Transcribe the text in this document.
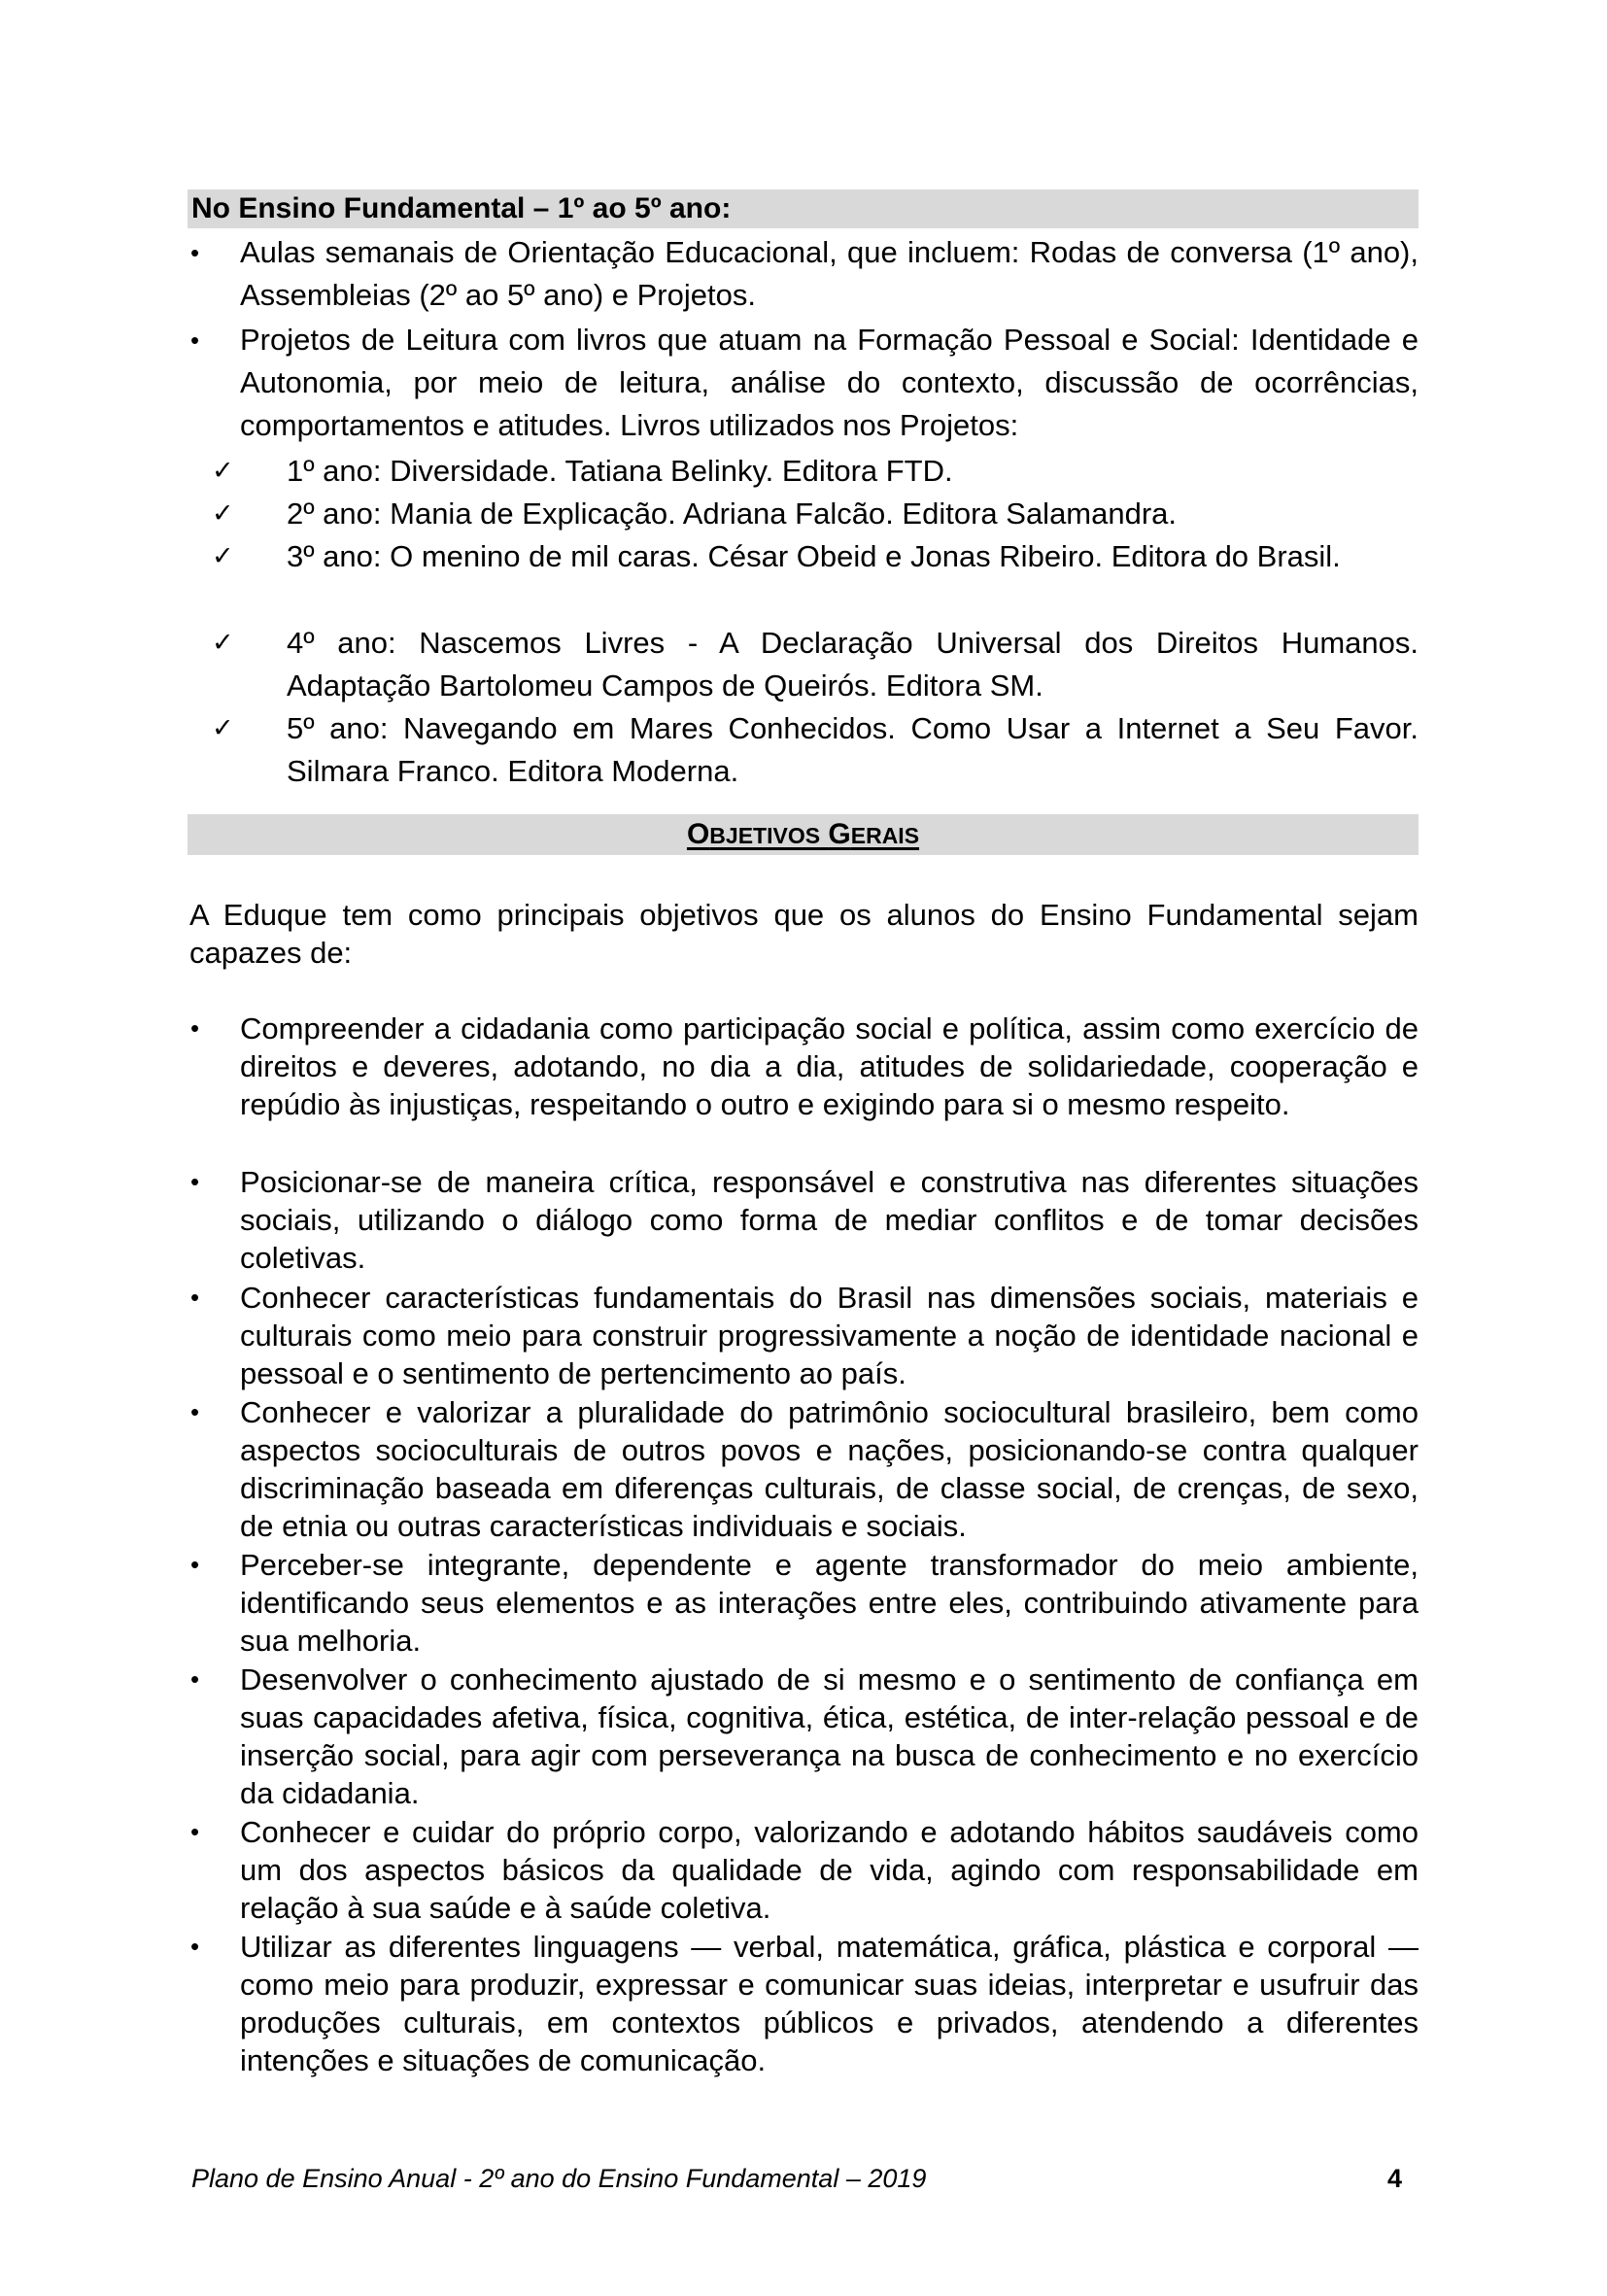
No Ensino Fundamental – 1º ao 5º ano:
• Aulas semanais de Orientação Educacional, que incluem: Rodas de conversa (1º ano), Assembleias (2º ao 5º ano) e Projetos.
• Projetos de Leitura com livros que atuam na Formação Pessoal e Social: Identidade e Autonomia, por meio de leitura, análise do contexto, discussão de ocorrências, comportamentos e atitudes. Livros utilizados nos Projetos:
✓ 1º ano: Diversidade. Tatiana Belinky. Editora FTD.
✓ 2º ano: Mania de Explicação. Adriana Falcão. Editora Salamandra.
✓ 3º ano: O menino de mil caras. César Obeid e Jonas Ribeiro. Editora do Brasil.
✓ 4º ano: Nascemos Livres - A Declaração Universal dos Direitos Humanos. Adaptação Bartolomeu Campos de Queirós. Editora SM.
✓ 5º ano: Navegando em Mares Conhecidos. Como Usar a Internet a Seu Favor. Silmara Franco. Editora Moderna.
OBJETIVOS GERAIS
A Eduque tem como principais objetivos que os alunos do Ensino Fundamental sejam capazes de:
• Compreender a cidadania como participação social e política, assim como exercício de direitos e deveres, adotando, no dia a dia, atitudes de solidariedade, cooperação e repúdio às injustiças, respeitando o outro e exigindo para si o mesmo respeito.
• Posicionar-se de maneira crítica, responsável e construtiva nas diferentes situações sociais, utilizando o diálogo como forma de mediar conflitos e de tomar decisões coletivas.
• Conhecer características fundamentais do Brasil nas dimensões sociais, materiais e culturais como meio para construir progressivamente a noção de identidade nacional e pessoal e o sentimento de pertencimento ao país.
• Conhecer e valorizar a pluralidade do patrimônio sociocultural brasileiro, bem como aspectos socioculturais de outros povos e nações, posicionando-se contra qualquer discriminação baseada em diferenças culturais, de classe social, de crenças, de sexo, de etnia ou outras características individuais e sociais.
• Perceber-se integrante, dependente e agente transformador do meio ambiente, identificando seus elementos e as interações entre eles, contribuindo ativamente para sua melhoria.
• Desenvolver o conhecimento ajustado de si mesmo e o sentimento de confiança em suas capacidades afetiva, física, cognitiva, ética, estética, de inter-relação pessoal e de inserção social, para agir com perseverança na busca de conhecimento e no exercício da cidadania.
• Conhecer e cuidar do próprio corpo, valorizando e adotando hábitos saudáveis como um dos aspectos básicos da qualidade de vida, agindo com responsabilidade em relação à sua saúde e à saúde coletiva.
• Utilizar as diferentes linguagens — verbal, matemática, gráfica, plástica e corporal — como meio para produzir, expressar e comunicar suas ideias, interpretar e usufruir das produções culturais, em contextos públicos e privados, atendendo a diferentes intenções e situações de comunicação.
Plano de Ensino Anual - 2º ano do Ensino Fundamental – 2019	4
